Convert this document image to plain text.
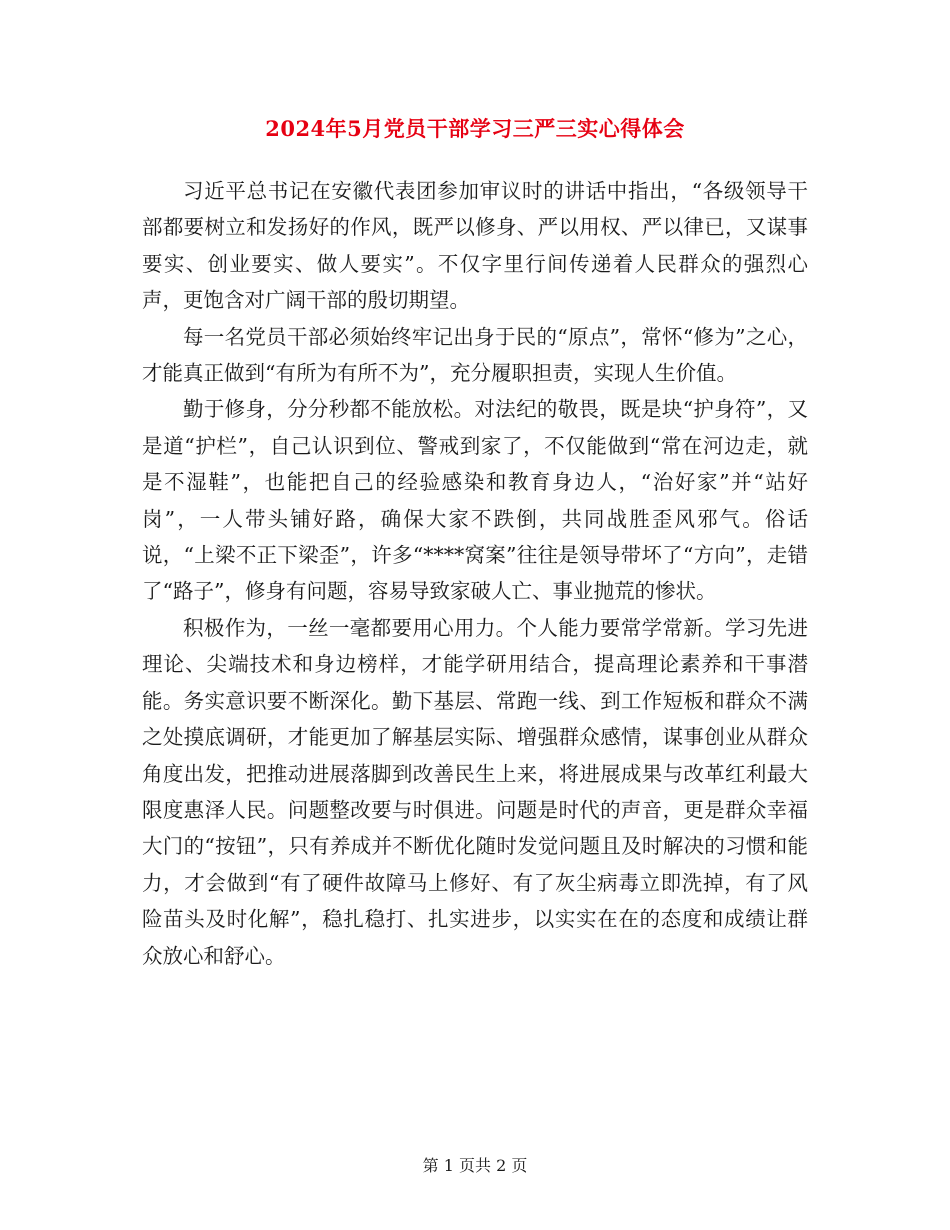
2024年5月党员干部学习三严三实心得体会

习近平总书记在安徽代表团参加审议时的讲话中指出，“各级领导干部都要树立和发扬好的作风，既严以修身、严以用权、严以律已，又谋事要实、创业要实、做人要实”。不仅字里行间传递着人民群众的强烈心声，更饱含对广阔干部的殷切期望。

每一名党员干部必须始终牢记出身于民的“原点”，常怀“修为”之心，才能真正做到“有所为有所不为”，充分履职担责，实现人生价值。

勤于修身，分分秒都不能放松。对法纪的敬畏，既是块“护身符”，又是道“护栏”，自己认识到位、警戒到家了，不仅能做到“常在河边走，就是不湿鞋”，也能把自己的经验感染和教育身边人，“治好家”并“站好岗”，一人带头铺好路，确保大家不跌倒，共同战胜歪风邪气。俗话说，“上梁不正下梁歪”，许多“****窝案”往往是领导带坏了“方向”，走错了“路子”，修身有问题，容易导致家破人亡、事业抛荒的惨状。

积极作为，一丝一毫都要用心用力。个人能力要常学常新。学习先进理论、尖端技术和身边榜样，才能学研用结合，提高理论素养和干事潜能。务实意识要不断深化。勤下基层、常跑一线、到工作短板和群众不满之处摸底调研，才能更加了解基层实际、增强群众感情，谋事创业从群众角度出发，把推动进展落脚到改善民生上来，将进展成果与改革红利最大限度惠泽人民。问题整改要与时俱进。问题是时代的声音，更是群众幸福大门的“按钮”，只有养成并不断优化随时发觉问题且及时解决的习惯和能力，才会做到“有了硬件故障马上修好、有了灰尘病毒立即洗掉，有了风险苗头及时化解”，稳扎稳打、扎实进步，以实实在在的态度和成绩让群众放心和舒心。

第 1 页共 2 页
